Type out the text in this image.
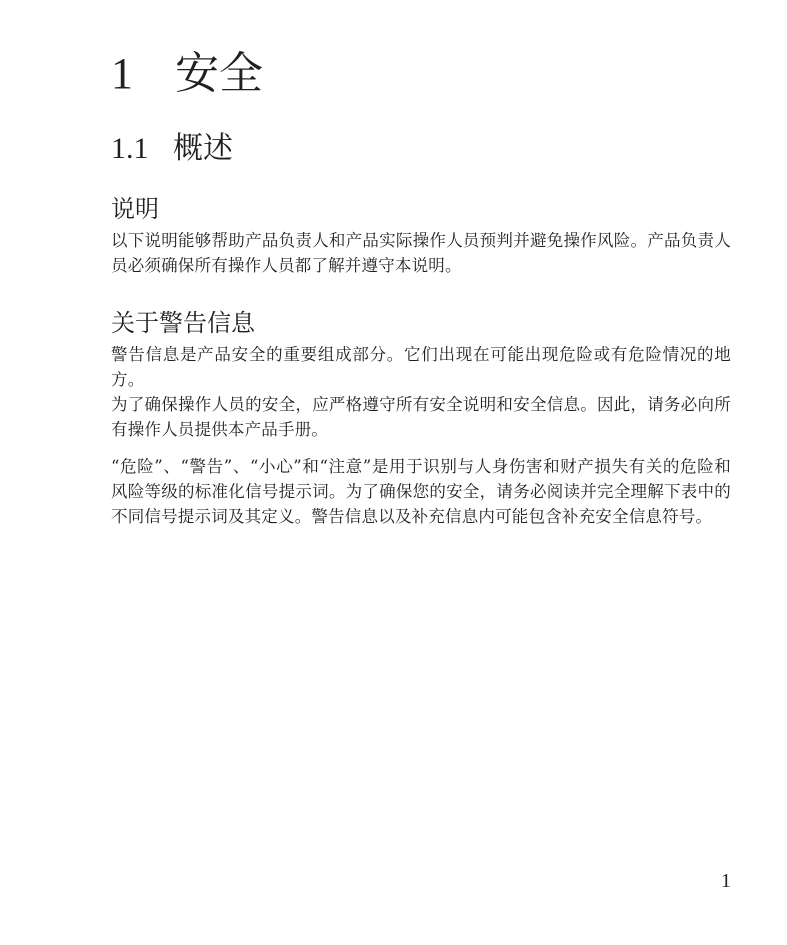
1 安全
1.1 概述
说明

以下说明能够帮助产品负责人和产品实际操作人员预判并避免操作风险。产品负责人员必须确保所有操作人员都了解并遵守本说明。

关于警告信息

警告信息是产品安全的重要组成部分。它们出现在可能出现危险或有危险情况的地方。

为了确保操作人员的安全，应严格遵守所有安全说明和安全信息。因此，请务必向所有操作人员提供本产品手册。

“危险”、“警告”、“小心”和“注意”是用于识别与人身伤害和财产损失有关的危险和风险等级的标准化信号提示词。为了确保您的安全，请务必阅读并完全理解下表中的不同信号提示词及其定义。警告信息以及补充信息内可能包含补充安全信息符号。

1
